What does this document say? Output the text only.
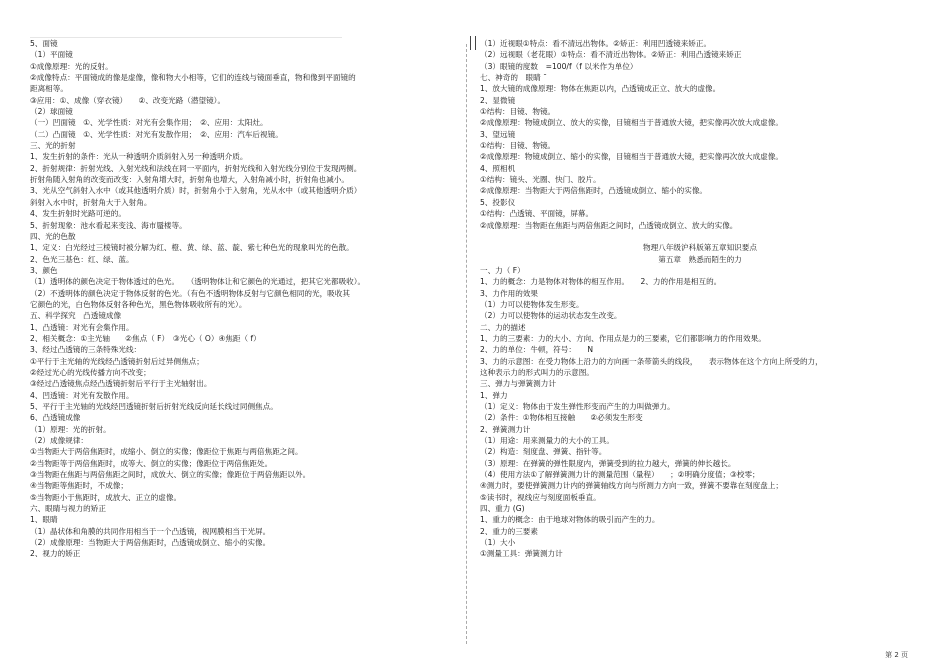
5、面镜
（1）平面镜
①成像原理：光的反射。
②成像特点：平面镜成的像是虚像，像和物大小相等，它们的连线与镜面垂直，物和像到平面镜的
距离相等。
③应用：①、成像（穿衣镜）　　②、改变光路（潜望镜）。
（2）球面镜
（一）凹面镜　①、光学性质：对光有会集作用；　②、应用：太阳灶。
（二）凸面镜　①、光学性质：对光有发散作用；　②、应用：汽车后视镜。
三、光的折射
1、发生折射的条件：光从一种透明介质斜射入另一种透明介质。
2、折射规律：折射光线、入射光线和法线在同一平面内，折射光线和入射光线分别位于发现两侧。
折射角随入射角的改变而改变：入射角增大时，折射角也增大，入射角减小时，折射角也减小。
3、光从空气斜射入水中（或其他透明介质）时，折射角小于入射角，光从水中（或其他透明介质）
斜射入水中时，折射角大于入射角。
4、发生折射时光路可逆的。
5、折射现象：池水看起来变浅、海市蜃楼等。
四、光的色散
1、定义：白光经过三棱镜时被分解为红、橙、黄、绿、蓝、靛、紫七种色光的现象叫光的色散。
2、色光三基色：红、绿、蓝。
3、颜色
（1）透明体的颜色决定于物体透过的色光。　　（透明物体让和它颜色的光通过，把其它光都吸收）。
（2）不透明体的颜色决定于物体反射的色光。（有色不透明物体反射与它颜色相同的光，吸收其
它颜色的光，白色物体反射各种色光，黑色物体吸收所有的光）。
五、科学探究　凸透镜成像
1、凸透镜：对光有会集作用。
2、相关概念：①主光轴　　②焦点（ F）　③光心（ O）④焦距（ f）
3、经过凸透镜的三条特殊光线：
①平行于主光轴的光线经凸透镜折射后过异侧焦点；
②经过光心的光线传播方向不改变；
③经过凸透镜焦点经凸透镜折射后平行于主光轴射出。
4、凹透镜：对光有发散作用。
5、平行于主光轴的光线经凹透镜折射后折射光线反向延长线过同侧焦点。
6、凸透镜成像
（1）原理：光的折射。
（2）成像规律：
①当物距大于两倍焦距时，成缩小、倒立的实像；像距位于焦距与两倍焦距之间。
②当物距等于两倍焦距时，成等大、倒立的实像；像距位于两倍焦距处。
③当物距在焦距与两倍焦距之间时，成放大、倒立的实像；像距位于两倍焦距以外。
④当物距等焦距时，不成像；
⑤当物距小于焦距时，成放大、正立的虚像。
六、眼睛与视力的矫正
1、眼睛
（1）晶状体和角膜的共同作用相当于一个凸透镜，视网膜相当于光屏。
（2）成像原理：当物距大于两倍焦距时，凸透镜成倒立、缩小的实像。
2、视力的矫正
（1）近视眼①特点：看不清远出物体。②矫正：利用凹透镜来矫正。
（2）远视眼（老花眼）①特点：看不清近出物体。②矫正：利用凸透镜来矫正
（3）眼镜的度数　=100/f（f 以米作为单位）
七、神奇的　眼睛 ˉ
1、放大镜的成像原理：物体在焦距以内，凸透镜成正立、放大的虚像。
2、显微镜
①结构：目镜、物镜。
②成像原理：物镜成倒立、放大的实像，目镜相当于普通放大镜，把实像再次放大成虚像。
3、望远镜
①结构：目镜、物镜。
②成像原理：物镜成倒立、缩小的实像，目镜相当于普通放大镜，把实像再次放大成虚像。
4、照相机
①结构：镜头、光圈、快门、胶片。
②成像原理：当物距大于两倍焦距时，凸透镜成倒立、缩小的实像。
5、投影仪
①结构：凸透镜、平面镜，屏幕。
②成像原理：当物距在焦距与两倍焦距之间时，凸透镜成倒立、放大的实像。
物理八年级沪科版第五章知识要点
第五章　熟悉而陌生的力
一、力（ F）
1、力的概念：力是物体对物体的相互作用。　　2、力的作用是相互的。
3、力作用的效果
（1）力可以使物体发生形变。
（2）力可以使物体的运动状态发生改变。
二、力的描述
1、力的三要素：力的大小、方向、作用点是力的三要素，它们都影响力的作用效果。
2、力的单位：牛顿，符号：　　N
3、力的示意图：在受力物体上沿力的方向画一条带箭头的线段，　　表示物体在这个方向上所受的力，
这种表示力的形式叫力的示意图。
三、弹力与弹簧测力计
1、弹力
（1）定义：物体由于发生弹性形变而产生的力叫做弹力。
（2）条件：①物体相互接触　　②必须发生形变
2、弹簧测力计
（1）用途：用来测量力的大小的工具。
（2）构造：刻度盘、弹簧、指针等。
（3）原理：在弹簧的弹性限度内，弹簧受到的拉力越大，弹簧的伸长越长。
（4）使用方法①了解弹簧测力计的测量范围（量程）　　；②明确分度值；③校零；
④测力时，要使弹簧测力计内的弹簧轴线方向与所测力方向一致，弹簧不要靠在刻度盘上；
⑤读书时，视线应与刻度面板垂直。
四、重力 (G)
1、重力的概念：由于地球对物体的吸引而产生的力。
2、重力的三要素
（1）大小
①测量工具：弹簧测力计
第 2 页
